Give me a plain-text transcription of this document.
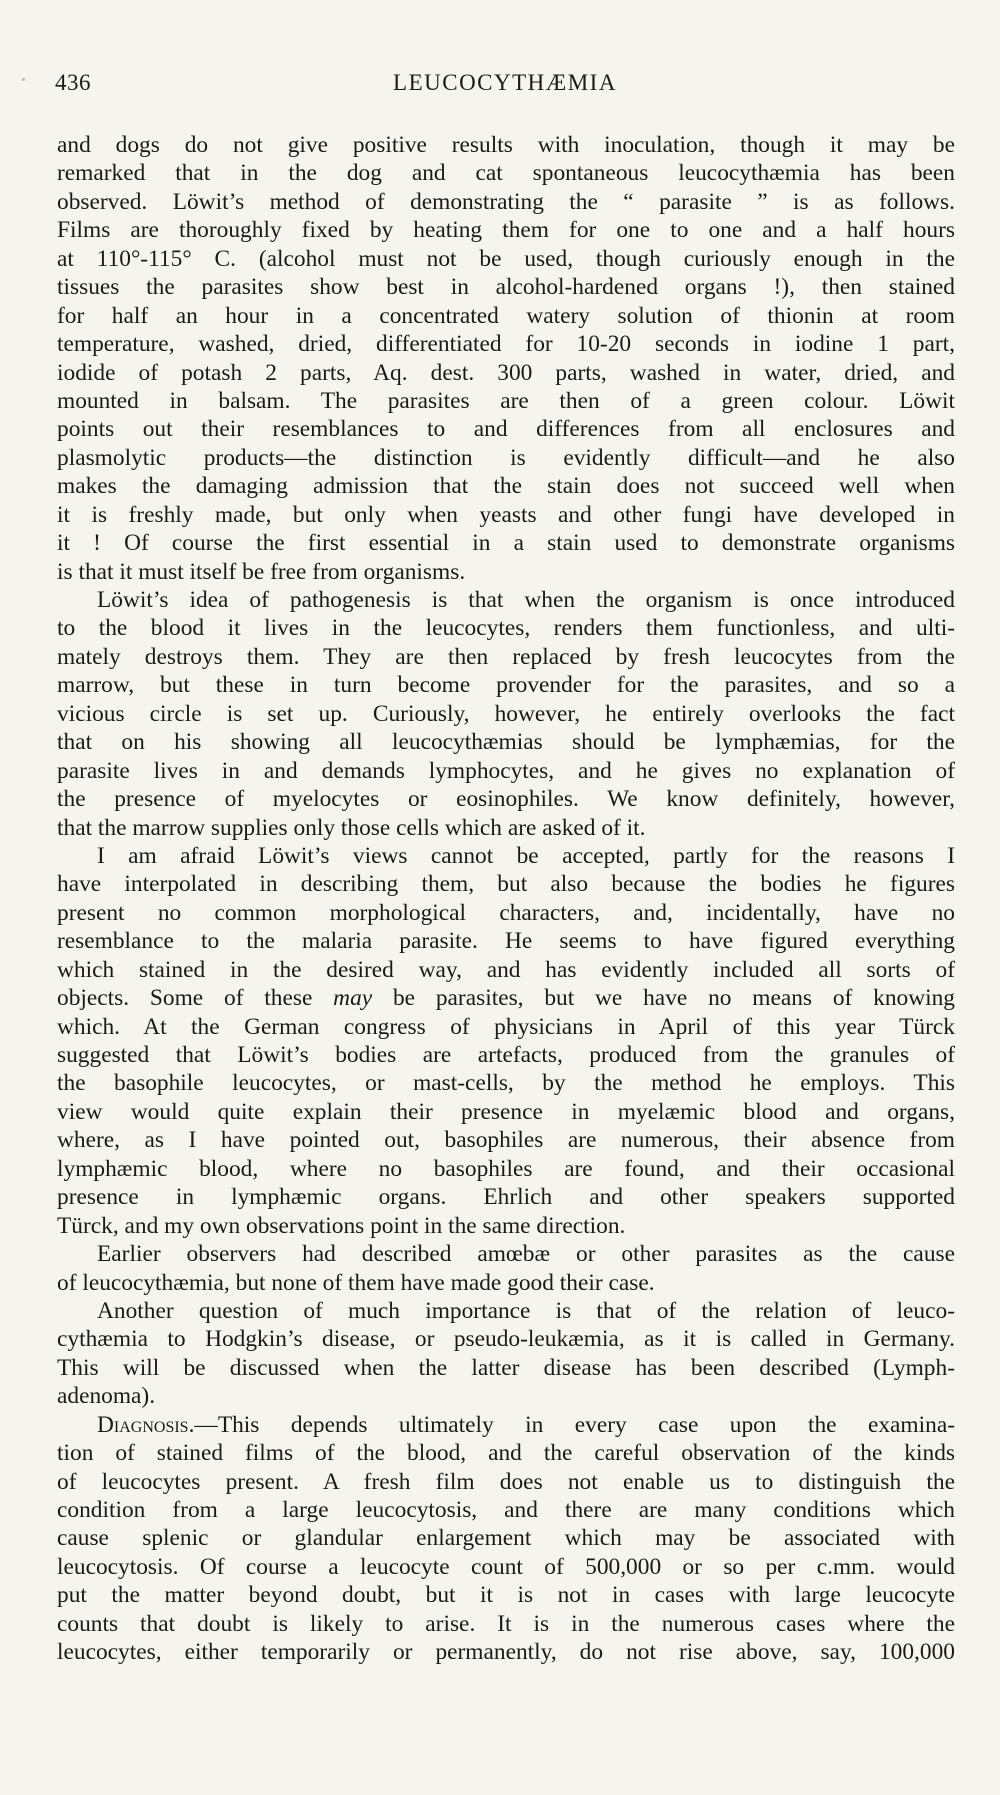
436	LEUCOCYTHÆMIA
and dogs do not give positive results with inoculation, though it may be
remarked that in the dog and cat spontaneous leucocythæmia has been
observed. Löwit’s method of demonstrating the “ parasite ” is as follows.
Films are thoroughly fixed by heating them for one to one and a half hours
at 110°-115° C. (alcohol must not be used, though curiously enough in the
tissues the parasites show best in alcohol-hardened organs !), then stained
for half an hour in a concentrated watery solution of thionin at room
temperature, washed, dried, differentiated for 10-20 seconds in iodine 1 part,
iodide of potash 2 parts, Aq. dest. 300 parts, washed in water, dried, and
mounted in balsam. The parasites are then of a green colour. Löwit
points out their resemblances to and differences from all enclosures and
plasmolytic products—the distinction is evidently difficult—and he also
makes the damaging admission that the stain does not succeed well when
it is freshly made, but only when yeasts and other fungi have developed in
it ! Of course the first essential in a stain used to demonstrate organisms
is that it must itself be free from organisms.
Löwit’s idea of pathogenesis is that when the organism is once introduced
to the blood it lives in the leucocytes, renders them functionless, and ulti-
mately destroys them. They are then replaced by fresh leucocytes from the
marrow, but these in turn become provender for the parasites, and so a
vicious circle is set up. Curiously, however, he entirely overlooks the fact
that on his showing all leucocythæmias should be lymphæmias, for the
parasite lives in and demands lymphocytes, and he gives no explanation of
the presence of myelocytes or eosinophiles. We know definitely, however,
that the marrow supplies only those cells which are asked of it.
I am afraid Löwit’s views cannot be accepted, partly for the reasons I
have interpolated in describing them, but also because the bodies he figures
present no common morphological characters, and, incidentally, have no
resemblance to the malaria parasite. He seems to have figured everything
which stained in the desired way, and has evidently included all sorts of
objects. Some of these may be parasites, but we have no means of knowing
which. At the German congress of physicians in April of this year Türck
suggested that Löwit’s bodies are artefacts, produced from the granules of
the basophile leucocytes, or mast-cells, by the method he employs. This
view would quite explain their presence in myelæmic blood and organs,
where, as I have pointed out, basophiles are numerous, their absence from
lymphæmic blood, where no basophiles are found, and their occasional
presence in lymphæmic organs. Ehrlich and other speakers supported
Türck, and my own observations point in the same direction.
Earlier observers had described amœbæ or other parasites as the cause
of leucocythæmia, but none of them have made good their case.
Another question of much importance is that of the relation of leuco-
cythæmia to Hodgkin’s disease, or pseudo-leukæmia, as it is called in Germany.
This will be discussed when the latter disease has been described (Lymph-
adenoma).
Diagnosis.—This depends ultimately in every case upon the examina-
tion of stained films of the blood, and the careful observation of the kinds
of leucocytes present. A fresh film does not enable us to distinguish the
condition from a large leucocytosis, and there are many conditions which
cause splenic or glandular enlargement which may be associated with
leucocytosis. Of course a leucocyte count of 500,000 or so per c.mm. would
put the matter beyond doubt, but it is not in cases with large leucocyte
counts that doubt is likely to arise. It is in the numerous cases where the
leucocytes, either temporarily or permanently, do not rise above, say, 100,000
